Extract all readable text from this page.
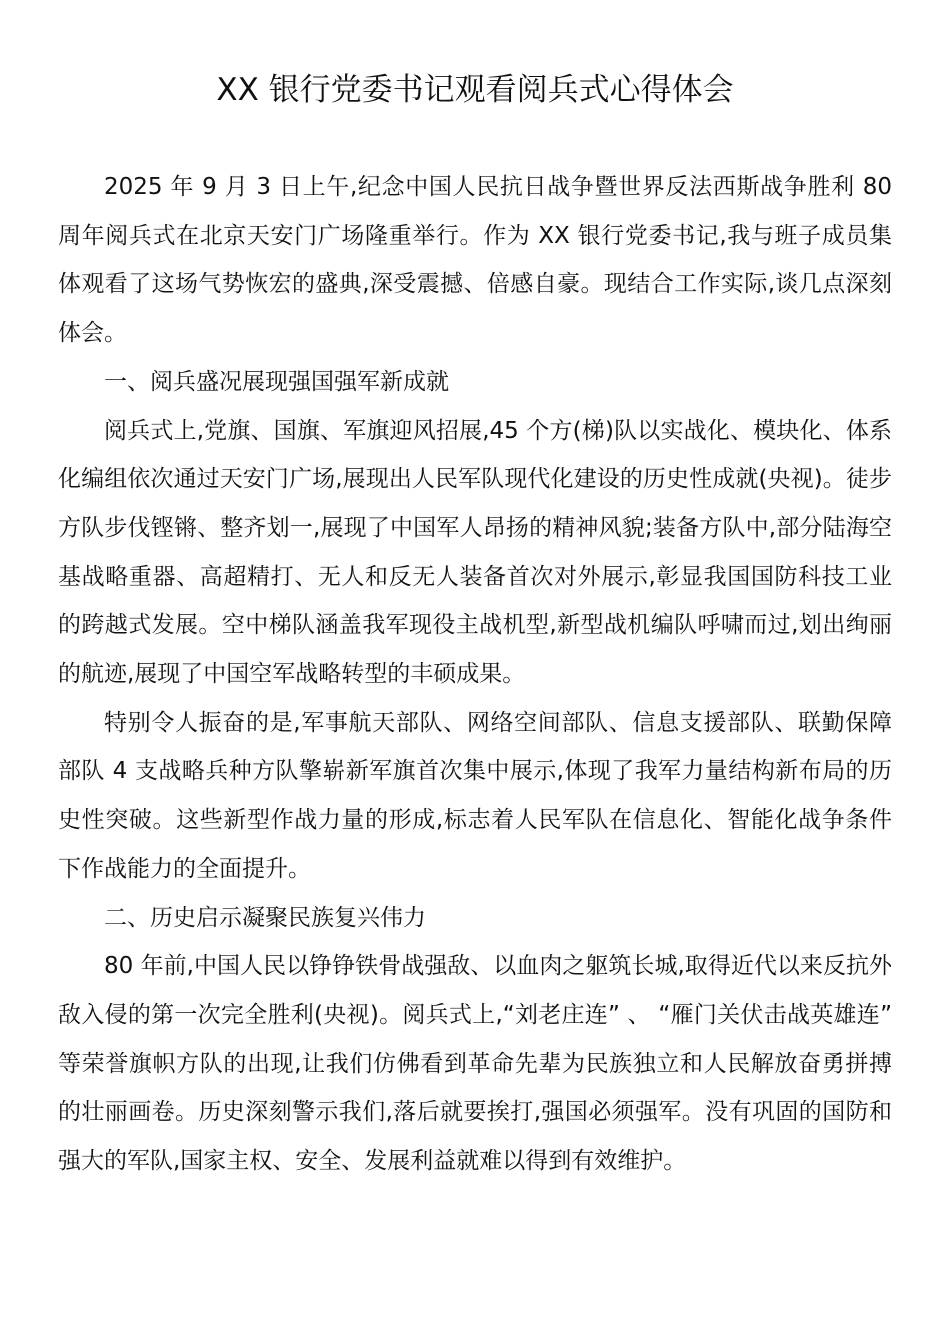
XX 银行党委书记观看阅兵式心得体会

2025 年 9 月 3 日上午,纪念中国人民抗日战争暨世界反法西斯战争胜利 80 周年阅兵式在北京天安门广场隆重举行。作为 XX 银行党委书记,我与班子成员集体观看了这场气势恢宏的盛典,深受震撼、倍感自豪。现结合工作实际,谈几点深刻体会。

一、阅兵盛况展现强国强军新成就

阅兵式上,党旗、国旗、军旗迎风招展,45 个方(梯)队以实战化、模块化、体系化编组依次通过天安门广场,展现出人民军队现代化建设的历史性成就(央视)。徒步方队步伐铿锵、整齐划一,展现了中国军人昂扬的精神风貌;装备方队中,部分陆海空基战略重器、高超精打、无人和反无人装备首次对外展示,彰显我国国防科技工业的跨越式发展。空中梯队涵盖我军现役主战机型,新型战机编队呼啸而过,划出绚丽的航迹,展现了中国空军战略转型的丰硕成果。

特别令人振奋的是,军事航天部队、网络空间部队、信息支援部队、联勤保障部队 4 支战略兵种方队擎崭新军旗首次集中展示,体现了我军力量结构新布局的历史性突破。这些新型作战力量的形成,标志着人民军队在信息化、智能化战争条件下作战能力的全面提升。

二、历史启示凝聚民族复兴伟力

80 年前,中国人民以铮铮铁骨战强敌、以血肉之躯筑长城,取得近代以来反抗外敌入侵的第一次完全胜利(央视)。阅兵式上,“刘老庄连” 、 “雁门关伏击战英雄连” 等荣誉旗帜方队的出现,让我们仿佛看到革命先辈为民族独立和人民解放奋勇拼搏的壮丽画卷。历史深刻警示我们,落后就要挨打,强国必须强军。没有巩固的国防和强大的军队,国家主权、安全、发展利益就难以得到有效维护。
